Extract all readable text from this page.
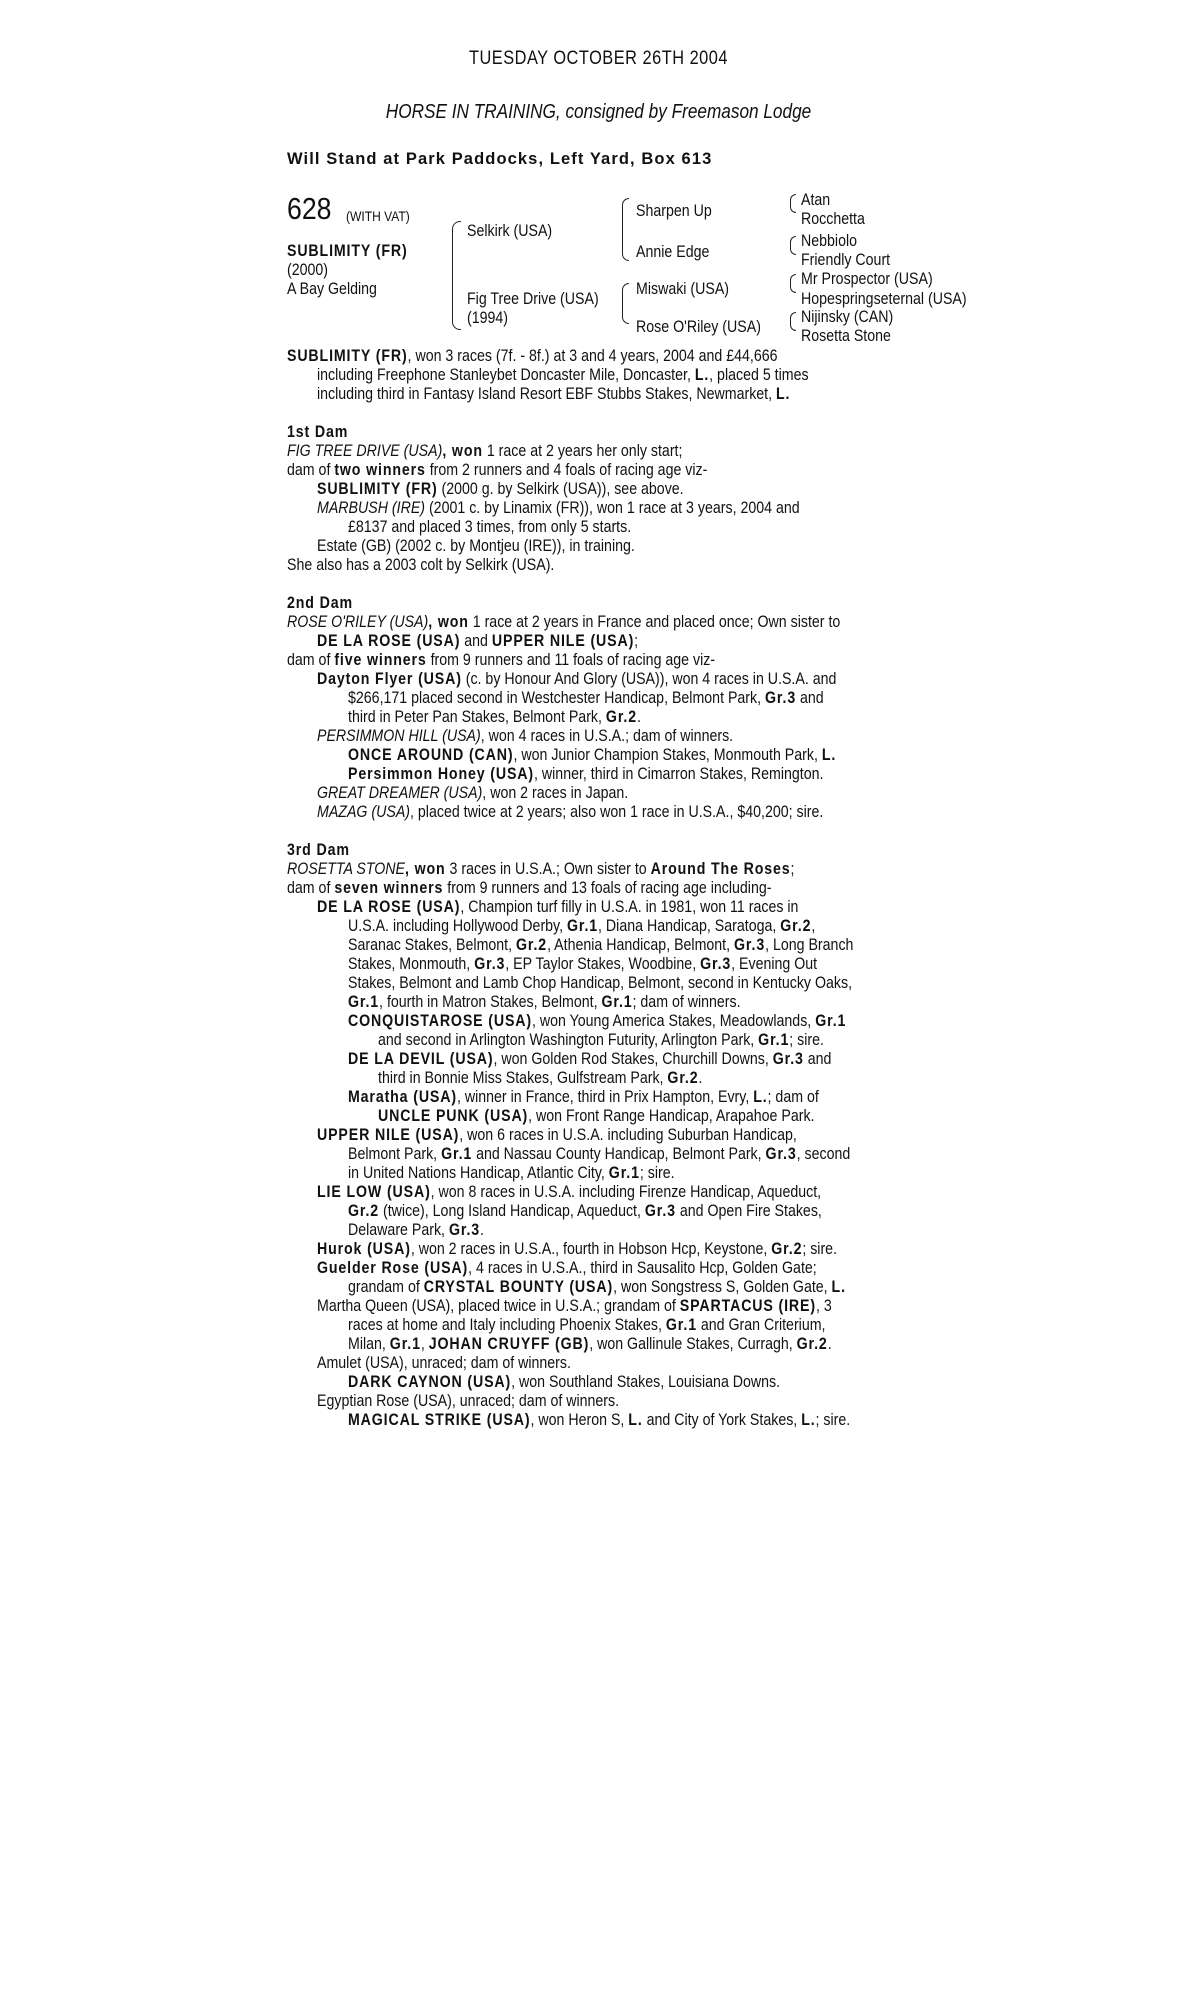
TUESDAY OCTOBER 26TH 2004
HORSE IN TRAINING, consigned by Freemason Lodge
Will Stand at Park Paddocks, Left Yard, Box 613
628 (WITH VAT)
SUBLIMITY (FR)
(2000)
A Bay Gelding
Selkirk (USA)
Fig Tree Drive (USA)
(1994)
Sharpen Up
Annie Edge
Miswaki (USA)
Rose O'Riley (USA)
Atan
Rocchetta
Nebbiolo
Friendly Court
Mr Prospector (USA)
Hopespringseternal (USA)
Nijinsky (CAN)
Rosetta Stone
SUBLIMITY (FR), won 3 races (7f. - 8f.) at 3 and 4 years, 2004 and £44,666
including Freephone Stanleybet Doncaster Mile, Doncaster, L., placed 5 times
including third in Fantasy Island Resort EBF Stubbs Stakes, Newmarket, L.
1st Dam
FIG TREE DRIVE (USA), won 1 race at 2 years her only start;
dam of two winners from 2 runners and 4 foals of racing age viz-
SUBLIMITY (FR) (2000 g. by Selkirk (USA)), see above.
MARBUSH (IRE) (2001 c. by Linamix (FR)), won 1 race at 3 years, 2004 and
£8137 and placed 3 times, from only 5 starts.
Estate (GB) (2002 c. by Montjeu (IRE)), in training.
She also has a 2003 colt by Selkirk (USA).
2nd Dam
ROSE O'RILEY (USA), won 1 race at 2 years in France and placed once; Own sister to
DE LA ROSE (USA) and UPPER NILE (USA);
dam of five winners from 9 runners and 11 foals of racing age viz-
Dayton Flyer (USA) (c. by Honour And Glory (USA)), won 4 races in U.S.A. and
$266,171 placed second in Westchester Handicap, Belmont Park, Gr.3 and
third in Peter Pan Stakes, Belmont Park, Gr.2.
PERSIMMON HILL (USA), won 4 races in U.S.A.; dam of winners.
ONCE AROUND (CAN), won Junior Champion Stakes, Monmouth Park, L.
Persimmon Honey (USA), winner, third in Cimarron Stakes, Remington.
GREAT DREAMER (USA), won 2 races in Japan.
MAZAG (USA), placed twice at 2 years; also won 1 race in U.S.A., $40,200; sire.
3rd Dam
ROSETTA STONE, won 3 races in U.S.A.; Own sister to Around The Roses;
dam of seven winners from 9 runners and 13 foals of racing age including-
DE LA ROSE (USA), Champion turf filly in U.S.A. in 1981, won 11 races in
U.S.A. including Hollywood Derby, Gr.1, Diana Handicap, Saratoga, Gr.2,
Saranac Stakes, Belmont, Gr.2, Athenia Handicap, Belmont, Gr.3, Long Branch
Stakes, Monmouth, Gr.3, EP Taylor Stakes, Woodbine, Gr.3, Evening Out
Stakes, Belmont and Lamb Chop Handicap, Belmont, second in Kentucky Oaks,
Gr.1, fourth in Matron Stakes, Belmont, Gr.1; dam of winners.
CONQUISTAROSE (USA), won Young America Stakes, Meadowlands, Gr.1
and second in Arlington Washington Futurity, Arlington Park, Gr.1; sire.
DE LA DEVIL (USA), won Golden Rod Stakes, Churchill Downs, Gr.3 and
third in Bonnie Miss Stakes, Gulfstream Park, Gr.2.
Maratha (USA), winner in France, third in Prix Hampton, Evry, L.; dam of
UNCLE PUNK (USA), won Front Range Handicap, Arapahoe Park.
UPPER NILE (USA), won 6 races in U.S.A. including Suburban Handicap,
Belmont Park, Gr.1 and Nassau County Handicap, Belmont Park, Gr.3, second
in United Nations Handicap, Atlantic City, Gr.1; sire.
LIE LOW (USA), won 8 races in U.S.A. including Firenze Handicap, Aqueduct,
Gr.2 (twice), Long Island Handicap, Aqueduct, Gr.3 and Open Fire Stakes,
Delaware Park, Gr.3.
Hurok (USA), won 2 races in U.S.A., fourth in Hobson Hcp, Keystone, Gr.2; sire.
Guelder Rose (USA), 4 races in U.S.A., third in Sausalito Hcp, Golden Gate;
grandam of CRYSTAL BOUNTY (USA), won Songstress S, Golden Gate, L.
Martha Queen (USA), placed twice in U.S.A.; grandam of SPARTACUS (IRE), 3
races at home and Italy including Phoenix Stakes, Gr.1 and Gran Criterium,
Milan, Gr.1, JOHAN CRUYFF (GB), won Gallinule Stakes, Curragh, Gr.2.
Amulet (USA), unraced; dam of winners.
DARK CAYNON (USA), won Southland Stakes, Louisiana Downs.
Egyptian Rose (USA), unraced; dam of winners.
MAGICAL STRIKE (USA), won Heron S, L. and City of York Stakes, L.; sire.
